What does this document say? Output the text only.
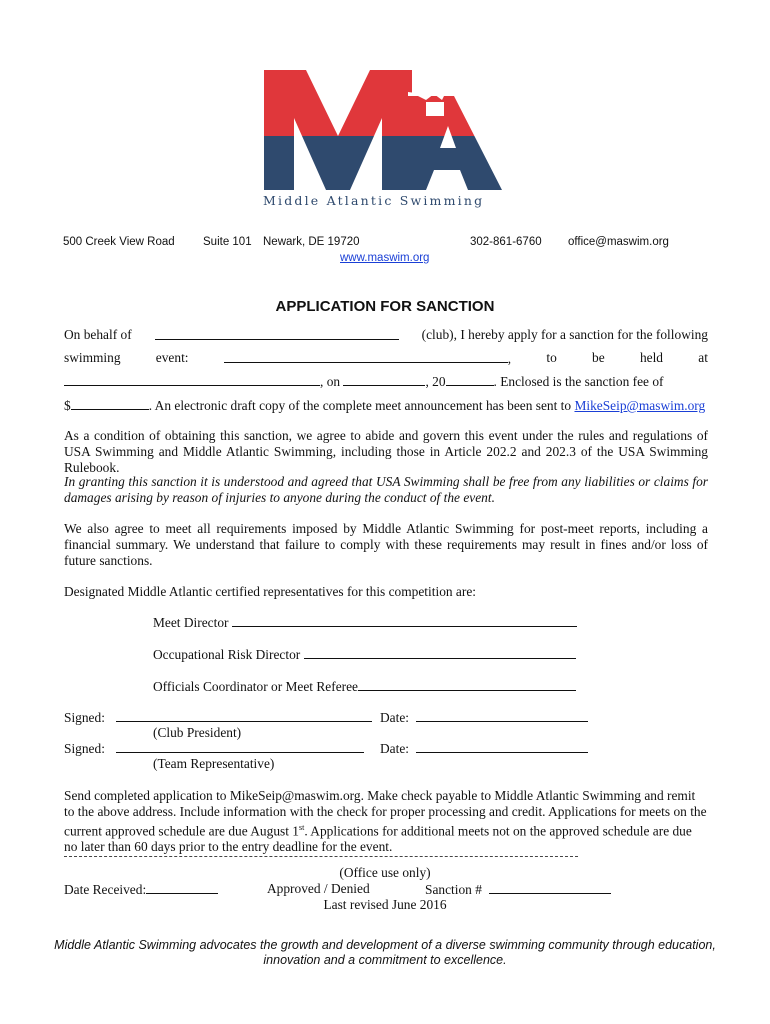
Middle Atlantic Swimming
500 Creek View Road Suite 101 Newark, DE 19720	302-861-6760 office@maswim.org
www.maswim.org
APPLICATION FOR SANCTION
On behalf of	(club), I hereby apply for a sanction for the following
swimming	event:	,	to	be	held	at
, on	, 20	. Enclosed is the sanction fee of
$	. An electronic draft copy of the complete meet announcement has been sent to MikeSeip@maswim.org
As a condition of obtaining this sanction, we agree to abide and govern this event under the rules and regulations of USA Swimming and Middle Atlantic Swimming, including those in Article 202.2 and 202.3 of the USA Swimming Rulebook.
In granting this sanction it is understood and agreed that USA Swimming shall be free from any liabilities or claims for damages arising by reason of injuries to anyone during the conduct of the event.
We also agree to meet all requirements imposed by Middle Atlantic Swimming for post-meet reports, including a financial summary. We understand that failure to comply with these requirements may result in fines and/or loss of future sanctions.
Designated Middle Atlantic certified representatives for this competition are:
Meet Director
Occupational Risk Director
Officials Coordinator or Meet Referee
Signed:	Date:
(Club President)
Signed:	Date:
(Team Representative)
Send completed application to MikeSeip@maswim.org. Make check payable to Middle Atlantic Swimming and remit to the above address. Include information with the check for proper processing and credit. Applications for meets on the current approved schedule are due August 1st. Applications for additional meets not on the approved schedule are due no later than 60 days prior to the entry deadline for the event.
(Office use only)
Date Received:	Approved / Denied	Sanction #
Last revised June 2016
Middle Atlantic Swimming advocates the growth and development of a diverse swimming community through education,
innovation and a commitment to excellence.
